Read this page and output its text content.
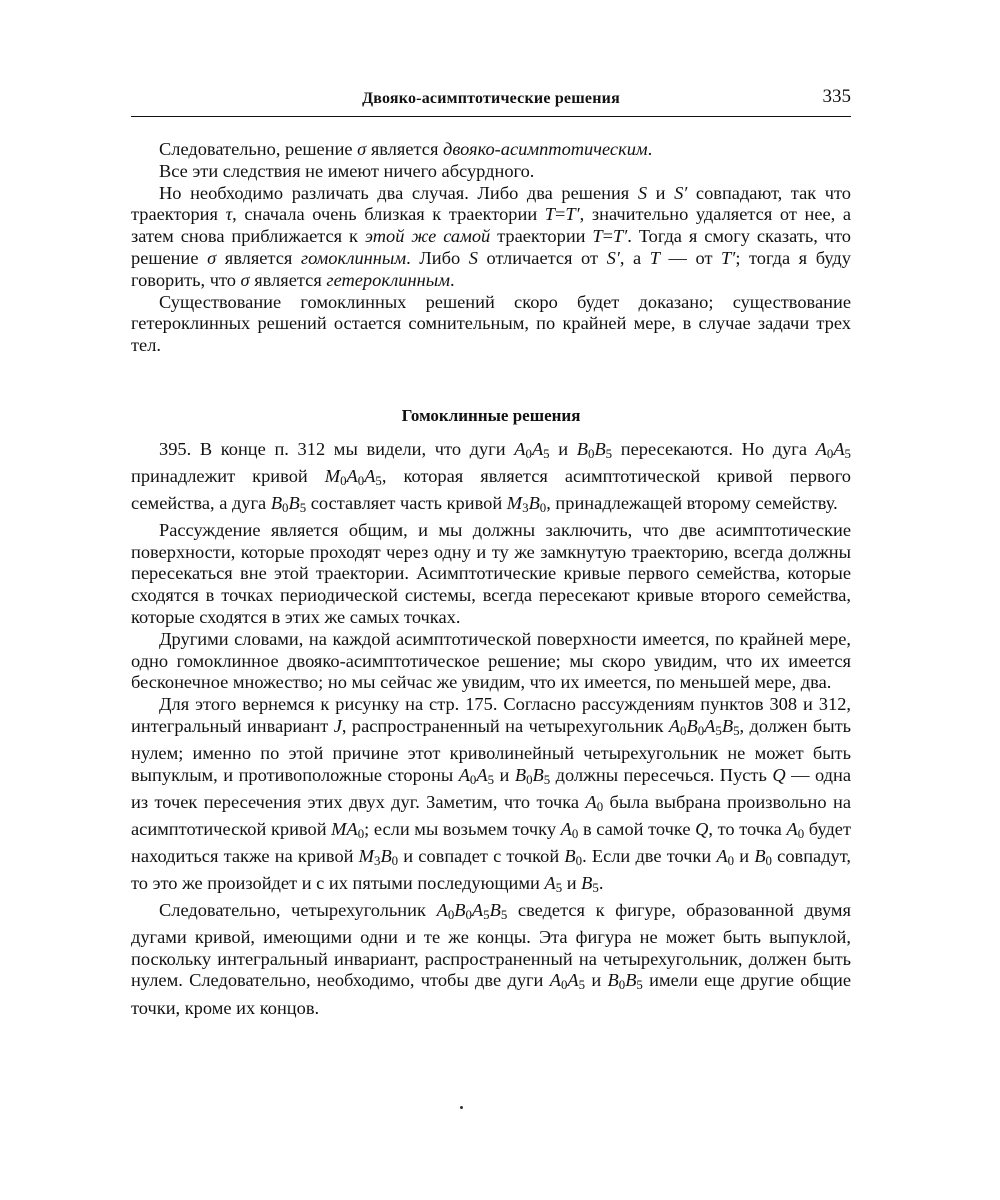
Двояко-асимптотические решения	335

Следовательно, решение σ является двояко-асимптотическим.

Все эти следствия не имеют ничего абсурдного.

Но необходимо различать два случая. Либо два решения S и S′ совпадают, так что траектория τ, сначала очень близкая к траектории T=T′, значительно удаляется от нее, а затем снова приближается к этой же самой траектории T=T′. Тогда я смогу сказать, что решение σ является гомоклинным. Либо S отличается от S′, а T — от T′; тогда я буду говорить, что σ является гетероклинным.

Существование гомоклинных решений скоро будет доказано; существование гетероклинных решений остается сомнительным, по крайней мере, в случае задачи трех тел.

Гомоклинные решения

395. В конце п. 312 мы видели, что дуги $A_0A_5$ и $B_0B_5$ пересекаются. Но дуга $A_0A_5$ принадлежит кривой $M_0A_0A_5$, которая является асимптотической кривой первого семейства, а дуга $B_0B_5$ составляет часть кривой $M_3B_0$, принадлежащей второму семейству.

Рассуждение является общим, и мы должны заключить, что две асимптотические поверхности, которые проходят через одну и ту же замкнутую траекторию, всегда должны пересекаться вне этой траектории. Асимптотические кривые первого семейства, которые сходятся в точках периодической системы, всегда пересекают кривые второго семейства, которые сходятся в этих же самых точках.

Другими словами, на каждой асимптотической поверхности имеется, по крайней мере, одно гомоклинное двояко-асимптотическое решение; мы скоро увидим, что их имеется бесконечное множество; но мы сейчас же увидим, что их имеется, по меньшей мере, два.

Для этого вернемся к рисунку на стр. 175. Согласно рассуждениям пунктов 308 и 312, интегральный инвариант J, распространенный на четырехугольник $A_0B_0A_5B_5$, должен быть нулем; именно по этой причине этот криволинейный четырехугольник не может быть выпуклым, и противоположные стороны $A_0A_5$ и $B_0B_5$ должны пересечься. Пусть Q — одна из точек пересечения этих двух дуг. Заметим, что точка $A_0$ была выбрана произвольно на асимптотической кривой $MA_0$; если мы возьмем точку $A_0$ в самой точке Q, то точка $A_0$ будет находиться также на кривой $M_3B_0$ и совпадет с точкой $B_0$. Если две точки $A_0$ и $B_0$ совпадут, то это же произойдет и с их пятыми последующими $A_5$ и $B_5$.

Следовательно, четырехугольник $A_0B_0A_5B_5$ сведется к фигуре, образованной двумя дугами кривой, имеющими одни и те же концы. Эта фигура не может быть выпуклой, поскольку интегральный инвариант, распространенный на четырехугольник, должен быть нулем. Следовательно, необходимо, чтобы две дуги $A_0A_5$ и $B_0B_5$ имели еще другие общие точки, кроме их концов.
